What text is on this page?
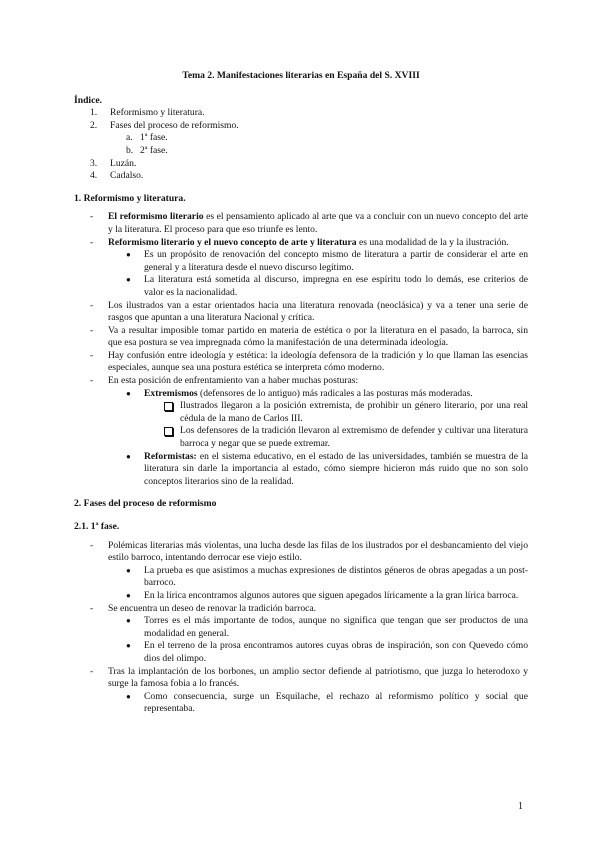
Tema 2. Manifestaciones literarias en España del S. XVIII

Índice.

1. Reformismo y literatura.
2. Fases del proceso de reformismo.
a. 1ª fase.
b. 2ª fase.
3. Luzán.
4. Cadalso.

1. Reformismo y literatura.

- El reformismo literario es el pensamiento aplicado al arte que va a concluir con un nuevo concepto del arte y la literatura. El proceso para que eso triunfe es lento.
- Reformismo literario y el nuevo concepto de arte y literatura es una modalidad de la y la ilustración.
● Es un propósito de renovación del concepto mismo de literatura a partir de considerar el arte en general y a literatura desde el nuevo discurso legítimo.
● La literatura está sometida al discurso, impregna en ese espíritu todo lo demás, ese criterios de valor es la nacionalidad.
- Los ilustrados van a estar orientados hacia una literatura renovada (neoclásica) y va a tener una serie de rasgos que apuntan a una literatura Nacional y crítica.
- Va a resultar imposible tomar partido en materia de estética o por la literatura en el pasado, la barroca, sin que esa postura se vea impregnada cómo la manifestación de una determinada ideología.
- Hay confusión entre ideología y estética: la ideología defensora de la tradición y lo que llaman las esencias especiales, aunque sea una postura estética se interpreta cómo moderno.
- En esta posición de enfrentamiento van a haber muchas posturas:
● Extremismos (defensores de lo antiguo) más radicales a las posturas más moderadas.
Ilustrados llegaron a la posición extremista, de prohibir un género literario, por una real cédula de la mano de Carlos III.
Los defensores de la tradición llevaron al extremismo de defender y cultivar una literatura barroca y negar que se puede extremar.
● Reformistas: en el sistema educativo, en el estado de las universidades, también se muestra de la literatura sin darle la importancia al estado, cómo siempre hicieron más ruido que no son solo conceptos literarios sino de la realidad.

2. Fases del proceso de reformismo

2.1. 1ª fase.

- Polémicas literarias más violentas, una lucha desde las filas de los ilustrados por el desbancamiento del viejo estilo barroco, intentando derrocar ese viejo estilo.
● La prueba es que asistimos a muchas expresiones de distintos géneros de obras apegadas a un post-barroco.
● En la lírica encontramos algunos autores que siguen apegados líricamente a la gran lírica barroca.
- Se encuentra un deseo de renovar la tradición barroca.
● Torres es el más importante de todos, aunque no significa que tengan que ser productos de una modalidad en general.
● En el terreno de la prosa encontramos autores cuyas obras de inspiración, son con Quevedo cómo dios del olimpo.
- Tras la implantación de los borbones, un amplio sector defiende al patriotismo, que juzga lo heterodoxo y surge la famosa fobia a lo francés.
● Como consecuencia, surge un Esquilache, el rechazo al reformismo político y social que representaba.
1
